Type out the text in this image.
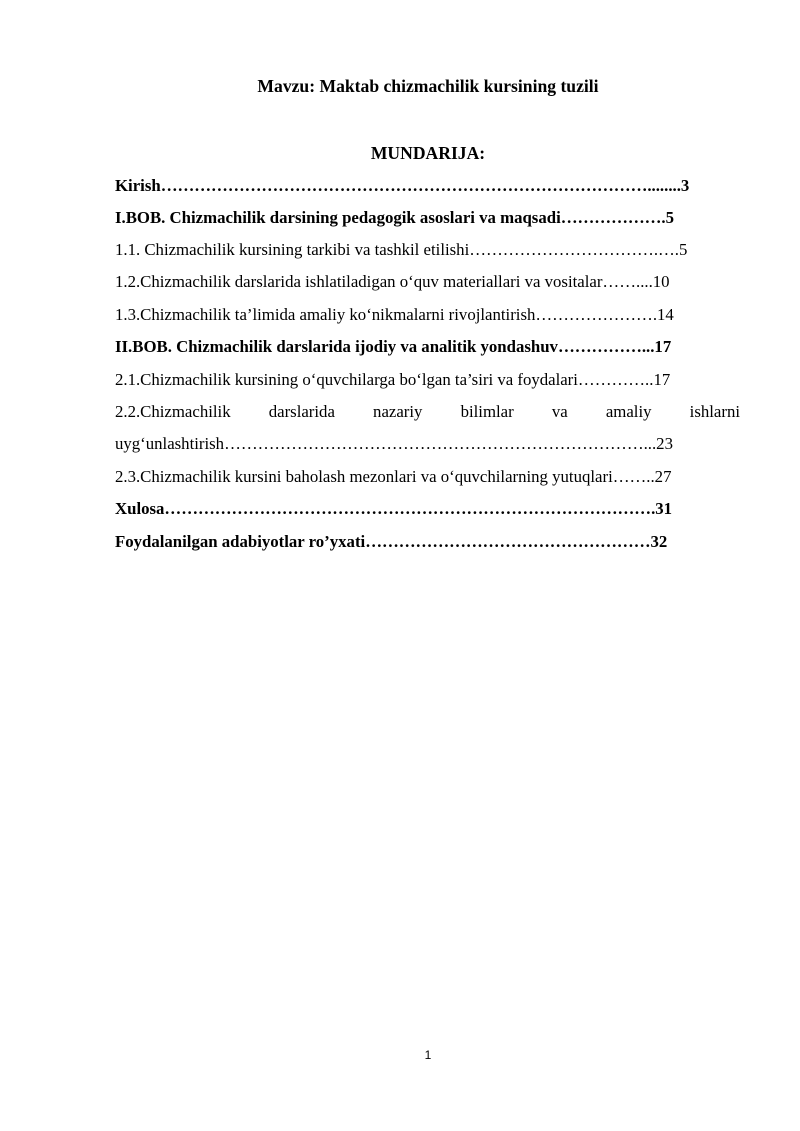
Mavzu: Maktab chizmachilik kursining tuzili
MUNDARIJA:
Kirish……………………………………………………………………………........3
I.BOB. Chizmachilik darsining pedagogik asoslari va maqsadi……………….5
1.1. Chizmachilik kursining tarkibi va tashkil etilishi…………………………….….5
1.2.Chizmachilik darslarida ishlatiladigan o‘quv materiallari va vositalar……....10
1.3.Chizmachilik ta’limida amaliy ko‘nikmalarni rivojlantirish………………….14
II.BOB. Chizmachilik darslarida ijodiy va analitik yondashuv……………...17
2.1.Chizmachilik kursining o‘quvchilarga bo‘lgan ta’siri va foydalari…………..17
2.2.Chizmachilik darslarida nazariy bilimlar va amaliy ishlarni
uyg‘unlashtirish…………………………………………………………………...23
2.3.Chizmachilik kursini baholash mezonlari va o‘quvchilarning yutuqlari……..27
Xulosa…………………………………………………………………………….31
Foydalanilgan adabiyotlar ro’yxati……………………………………………32
1
